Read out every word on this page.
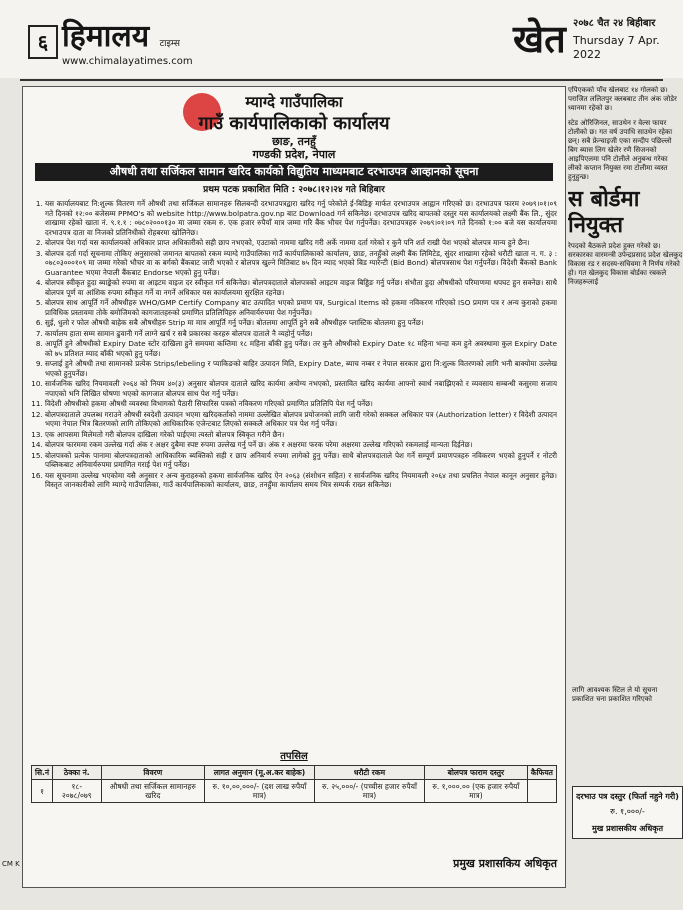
६ हिमालय टाइम्स
www.chimalayatimes.com
खेत २०७८ चैत २४ बिहीबार
Thursday 7 Apr. 2022
म्याग्दे गाउँपालिका
गाउँ कार्यपालिकाको कार्यालय
छाङ, तनहुँ
गण्डकी प्रदेश, नेपाल
औषधी तथा सर्जिकल सामान खरिद कार्यको विद्युतिय माध्यमबाट दरभाउपत्र आव्हानको सूचना
प्रथम पटक प्रकाशित मिति : २०७८।१२।२४ गते बिहिबार
1. यस कार्यालयबाट नि:शुल्क वितरण गर्ने औषधी तथा सर्जिकल सामानहरु सिलबन्दी दरभाउपत्रद्वारा खरिद गर्नु परेकोले ई-बिडिङ्ग मार्फत दरभाउपत्र आह्वान गरिएको छ। दरभाउपत्र फारम २०७९।०१।०९ गते दिनको १२:०० बजेसम्म PPMO's को website http://www.bolpatra.gov.np बाट Download गर्न सकिनेछ। दरभाउपत्र खरिद बापतको दस्तुर यस कार्यालयको लक्ष्मी बैंक लि., सुंदर शाखामा रहेको खाता नं. ९.१.१ : ०७८०२०००१३० मा जम्मा रकम रु. एक हजार रुपैयाँ मात्र जम्मा गरि बैंक भौचर पेश गर्नुपर्नेछ। दरभाउपत्रहरु २०७९।०१।०९ गते दिनको १:०० बजे यस कार्यालयमा दरभाउपत्र दाता वा निजको प्रतिनिधीको रोहबरमा खोलिनेछ।
2. बोलपत्र पेश गर्दा यस कार्यालयको अधिकार प्राप्त अधिकारीको सही छाप नभएको, एउटाको नाममा खरिद गरी अर्के नाममा दर्ता गरेको र कुनै पनि शर्त राखी पेश भएको बोलपत्र मान्य हुने छैन।
3. बोलपत्र दर्ता गर्दा सूचनामा तोकिए अनुसारको जमानत बापतको रकम म्याग्दे गाउँपालिका गाउँ कार्यपालिकाको कार्यालय, छाङ, तनहुँको लक्ष्मी बैंक लिमिटेड, सुंदर शाखामा रहेको धरौटी खाता न. ग. ३ : ०७८०३०००१०९ मा जम्मा गरेको भौचर वा क बर्गको बैंकबाट जारी भएको र बोलपत्र खुल्ने मितिबाट ७५ दिन म्याद भएको बिड ग्यारेन्टी (Bid Bond) बोलपत्रसाथ पेश गर्नुपर्नेछ। विदेशी बैंकको Bank Guarantee भएमा नेपाली बैंकबाट Endorse भएको हुनु पर्नेछ।
4. बोलपत्र स्वीकृत हुदा ब्याङ्केको रुपमा वा आइटम वाइज दर स्वीकृत गर्न सकिनेछ। बोलपत्रदाताले बोलपत्रको आइटम वाइज बिड्डिङ गर्नु पर्नेछ। संभौता हुदा औषधीको परिमाणमा थपघट हुन सक्नेछ। साथै बोलपत्र पूर्ण वा आंशिक रुपमा स्वीकृत गर्ने वा नगर्ने अधिकार यस कार्यालयमा सुरक्षित रहनेछ।
5. बोलपत्र साथ आपूर्ति गर्ने औषधीहरु WHO/GMP Certify Company बाट उत्पादित भएको प्रमाण पत्र, Surgical Items को हकमा नविकरण गरिएको ISO प्रमाण पत्र र अन्य कुराको हकमा प्राविधिक प्रस्तावमा तोके बमोजिमको कागजातहरुको प्रमाणित प्रतिलिपिहरु अनिवार्यरुपमा पेश गर्नुपर्नेछ।
6. सुई, धुलो र फोल औषधी बाहेक सबै औषधीहरु Strip मा मात्र आपूर्ति गर्नु पर्नेछ। बोतलमा आपूर्ति हुने सबै औषधीहरु प्लास्टिक बोतलमा हुनु पर्नेछ।
7. कार्यालय हाता सम्म सामान ढुवानी गर्ने लाग्ने खर्च र सबै प्रकारका करहरु बोलपत्र दाताले नै व्यहोर्नु पर्नेछ।
8. आपूर्ति हुने औषधीको Expiry Date स्टोर दाखिला हुने समयमा कम्तिमा १८ महिना बाँकी हुनु पर्नेछ। तर कुनै औषधीको Expiry Date १८ महिना भन्दा कम हुने अवस्थामा कुल Expiry Date को ७५ प्रतिशत म्याद बाँकी भएको हुनु पर्नेछ।
9. सप्लाई हुने औषधी तथा सामानको प्रत्येक Strips/lebeling र प्याकिङको बाहिर उत्पादन मिति, Expiry Date, ब्याच नम्बर र नेपाल सरकार द्वारा नि:शुल्क वितरणको लागि भनी बाक्योमा उल्लेख भएको हुनुपर्नेछ।
10. सार्वजनिक खरिद नियमावली २०६४ को नियम ४०(३) अनुसार बोलपत्र दाताले खरिद कार्यमा अयोग्य नभएको, प्रस्तावित खरिद कार्यमा आफ्नो स्वार्थ नबाझिएको र व्यवसाय सम्बन्धी कसुरमा सजाय नपाएको भनि लिखित घोषणा भएको कागजात बोलपत्र साथ पेश गर्नु पर्नेछ।
11. विदेशी औषधीको हकमा औषधी व्यवस्था विभागको पैठारी सिफारिस पत्रको नविकरण गरिएको प्रमाणित प्रतिलिपि पेश गर्नु पर्नेछ।
12. बोलपत्रदाताले उपलब्ध गराउने औषधी स्वदेशी उत्पादन भएमा खरिदकर्ताको नाममा उल्लेखित बोलपत्र प्रयोजनको लागि जारी गरेको सक्कल अधिकार पत्र (Authorization letter) र विदेशी उत्पादन भएमा नेपाल भित्र बितरणको लागि तोकिएको आधिकारिक एजेन्टबाट लिएको सक्कलै अधिकार पत्र पेश गर्नु पर्नेछ।
13. एक आपसमा मिलेमतो गरी बोलपत्र दाखिला गरेको पाईएमा त्यस्तो बोलपत्र स्विकृत गरीने छैन।
14. बोलपत्र फारममा रकम उल्लेख गर्दा अंक र अक्षर दुबैमा स्पष्ट रुपमा उल्लेख गर्नु पर्ने छ। अंक र अक्षरमा फरक परेमा अक्षरमा उल्लेख गरिएको रकमलाई मान्यता दिईनेछ।
15. बोलपत्रको प्रत्येक पानामा बोलपत्रदाताको आधिकारिक ब्यक्तिको सही र छाप अनिवार्य रुपमा लागेको हुनु पर्नेछ। साथै बोलपत्रदाताले पेश गर्ने सम्पूर्ण प्रमाणपत्रहरु नविकरण भएको हुनुपर्ने र नोटरी पब्लिकबाट अनिवार्यरुपमा प्रमाणित गराई पेश गर्नु पर्नेछ।
16. यस सूचनामा उल्लेख भएकोमा यसै अनुसार र अन्य कुराहरुको हकमा सार्वजनिक खरिद ऐन २०६३ (संशोधन सहित) र सार्वजनिक खरिद नियमावली २०६४ तथा प्रचलित नेपाल कानून अनुसार हुनेछ। विस्तृत जानकारीको लागि म्याग्दे गाउँपालिका, गाउँ कार्यपालिकाको कार्यालय, छाङ, तनहुँमा कार्यालय समय भित्र सम्पर्क राख्न सकिनेछ।
तपसिल
सि.नं	ठेक्का नं.	विवरण	लागत अनुमान (मू.अ.कर बाहेक)	धरौटी रकम	बोलपत्र फाराम दस्तुर	कैफियत
१	१८- २०७८/०७९	औषधी तथा सर्जिकल सामानहरु खरिद	रु. १०,००,०००/- (दश लाख रुपैयाँ मात्र)	रु. २५,०००/- (पच्चीस हजार रुपैयाँ मात्र)	रु. १,०००.०० (एक हजार रुपैयाँ मात्र)	
प्रमुख प्रशासकिय अधिकृत

एपिएकको पाँच खेलबाट १४ गोलको छ। पराजित ललितपुर क्लबबाट तीन अंक जोडेर ध्यानमा रहेको छ।

स्टेड ओरिजिनल, साउथेन र वेल्स फायर टोलीको छ। गत वर्ष उपाधि साउथेन रहेका छन्। सबै फ्रेन्चाइजी एका सन्दीप पछिल्लो बिग ब्यास लिग खेलेर रणै सिजनको आइपिएलमा पनि टोलीले अनुबन्ध गरेका लीको कप्तान नियुक्त रमा टोलीमा व्यस्त हुनुहुन्छ।

स बोर्डमा नियुक्त

रेपदको बैठकले प्रदेश हुक्त गरेको छ। सरकारका वारमन्त्री उपेन्द्रप्रसाद प्रदेश खेलकुद विकास रड र सदस्य-सचिवमा नै निर्णय गरेको हो। गत खेलकुद विकास बोर्डका रबकले निजहरूलाई

लागि आवश्यक स्टिल ले यो सूचना प्रकाशित चना प्रकाशित गरिएको

दरभाउ पत्र दस्तुर (फिर्ता नहुने गरी)
रु. १,०००/-
मुख प्रशासकीय अधिकृत
CM K
